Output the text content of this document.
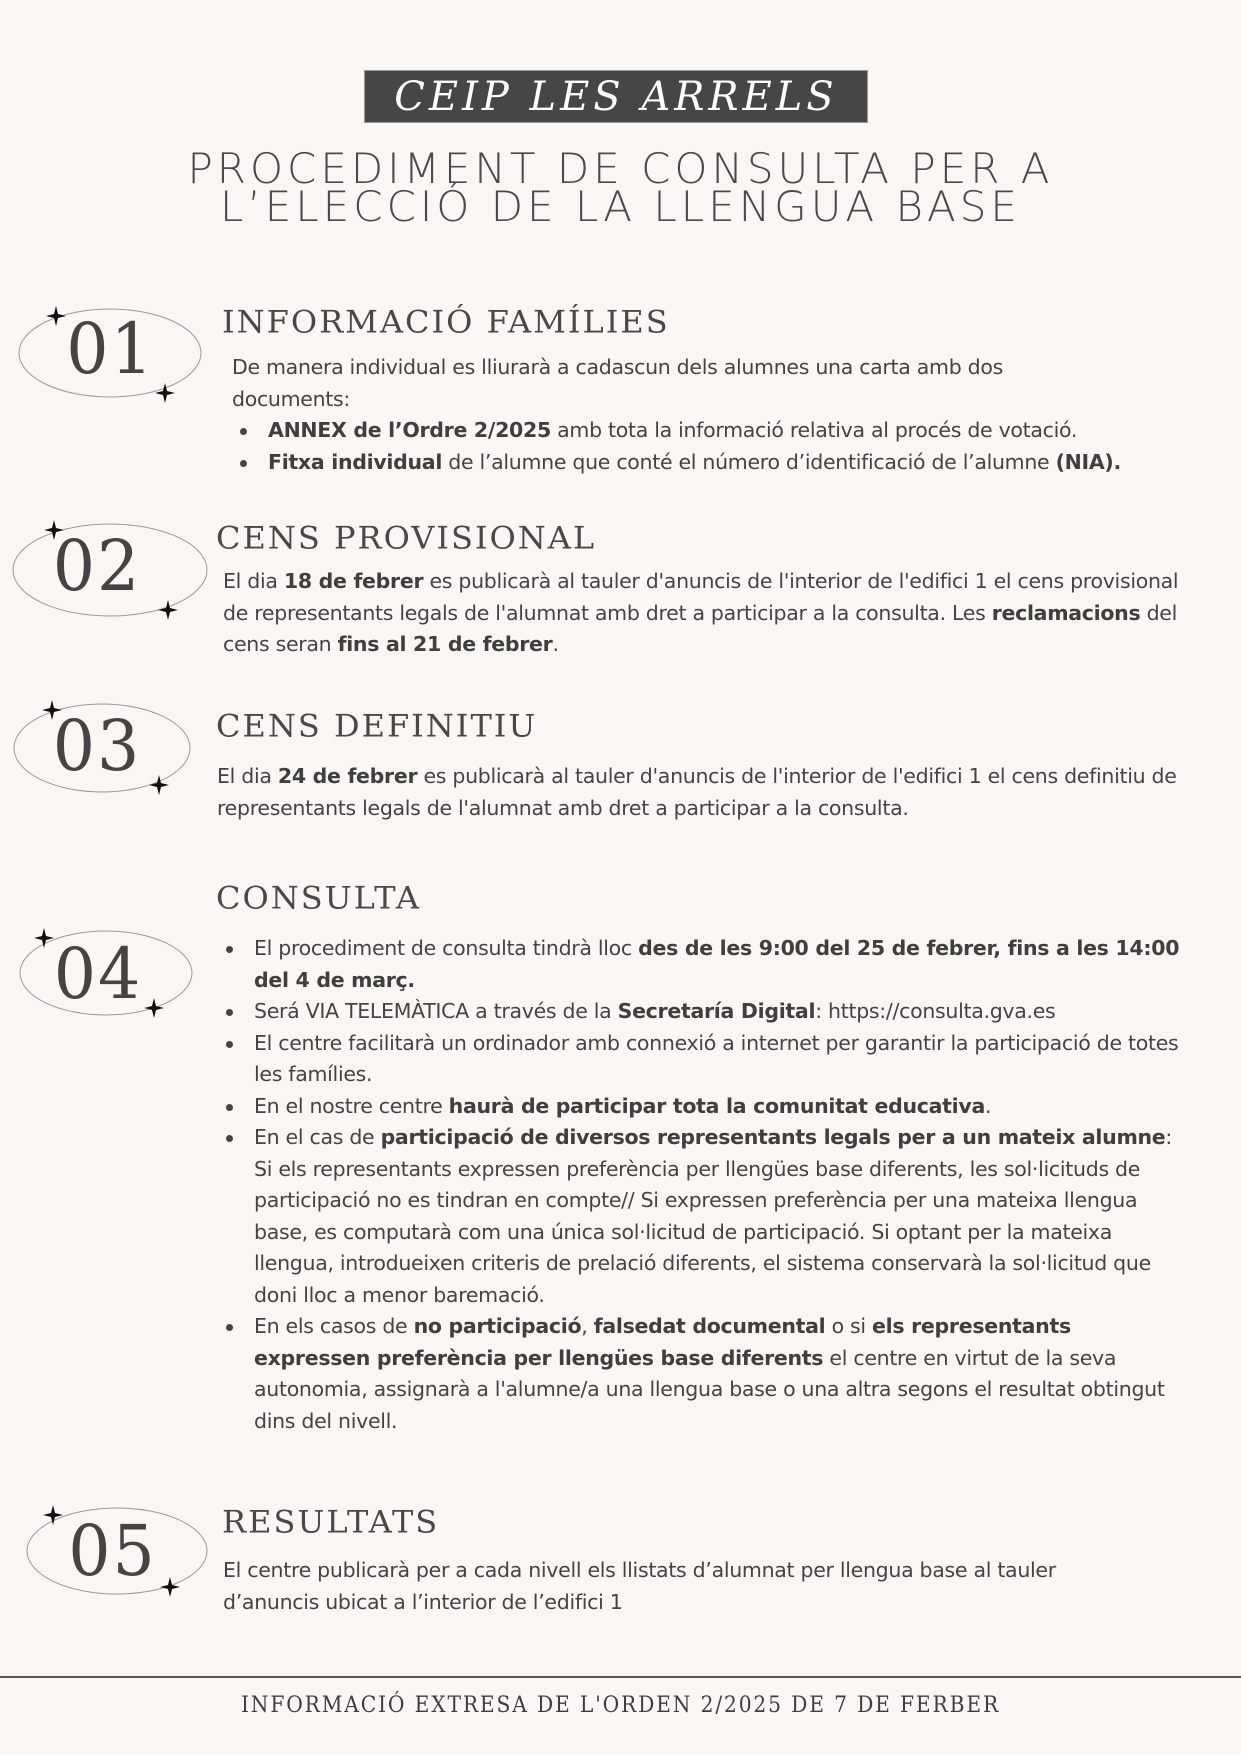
CEIP LES ARRELS
PROCEDIMENT DE CONSULTA PER A
L’ELECCIÓ DE LA LLENGUA BASE
01	INFORMACIÓ FAMÍLIES
De manera individual es lliurarà a cadascun dels alumnes una carta amb dos documents:
ANNEX de l’Ordre 2/2025 amb tota la informació relativa al procés de votació.
Fitxa individual de l’alumne que conté el número d’identificació de l’alumne (NIA).
02	CENS PROVISIONAL
El dia 18 de febrer es publicarà al tauler d'anuncis de l'interior de l'edifici 1 el cens provisional de representants legals de l'alumnat amb dret a participar a la consulta. Les reclamacions del cens seran fins al 21 de febrer.
03	CENS DEFINITIU
El dia 24 de febrer es publicarà al tauler d'anuncis de l'interior de l'edifici 1 el cens definitiu de representants legals de l'alumnat amb dret a participar a la consulta.
04
CONSULTA
El procediment de consulta tindrà lloc des de les 9:00 del 25 de febrer, fins a les 14:00 del 4 de març.
Será VIA TELEMÀTICA a través de la Secretaría Digital: https://consulta.gva.es
El centre facilitarà un ordinador amb connexió a internet per garantir la participació de totes les famílies.
En el nostre centre haurà de participar tota la comunitat educativa.
En el cas de participació de diversos representants legals per a un mateix alumne: Si els representants expressen preferència per llengües base diferents, les sol·licituds de participació no es tindran en compte// Si expressen preferència per una mateixa llengua base, es computarà com una única sol·licitud de participació. Si optant per la mateixa llengua, introdueixen criteris de prelació diferents, el sistema conservarà la sol·licitud que doni lloc a menor baremació.
En els casos de no participació, falsedat documental o si els representants expressen preferència per llengües base diferents el centre en virtut de la seva autonomia, assignarà a l'alumne/a una llengua base o una altra segons el resultat obtingut dins del nivell.
05	RESULTATS
El centre publicarà per a cada nivell els llistats d’alumnat per llengua base al tauler d’anuncis ubicat a l’interior de l’edifici 1
INFORMACIÓ EXTRESA DE L'ORDEN 2/2025 DE 7 DE FERBER
